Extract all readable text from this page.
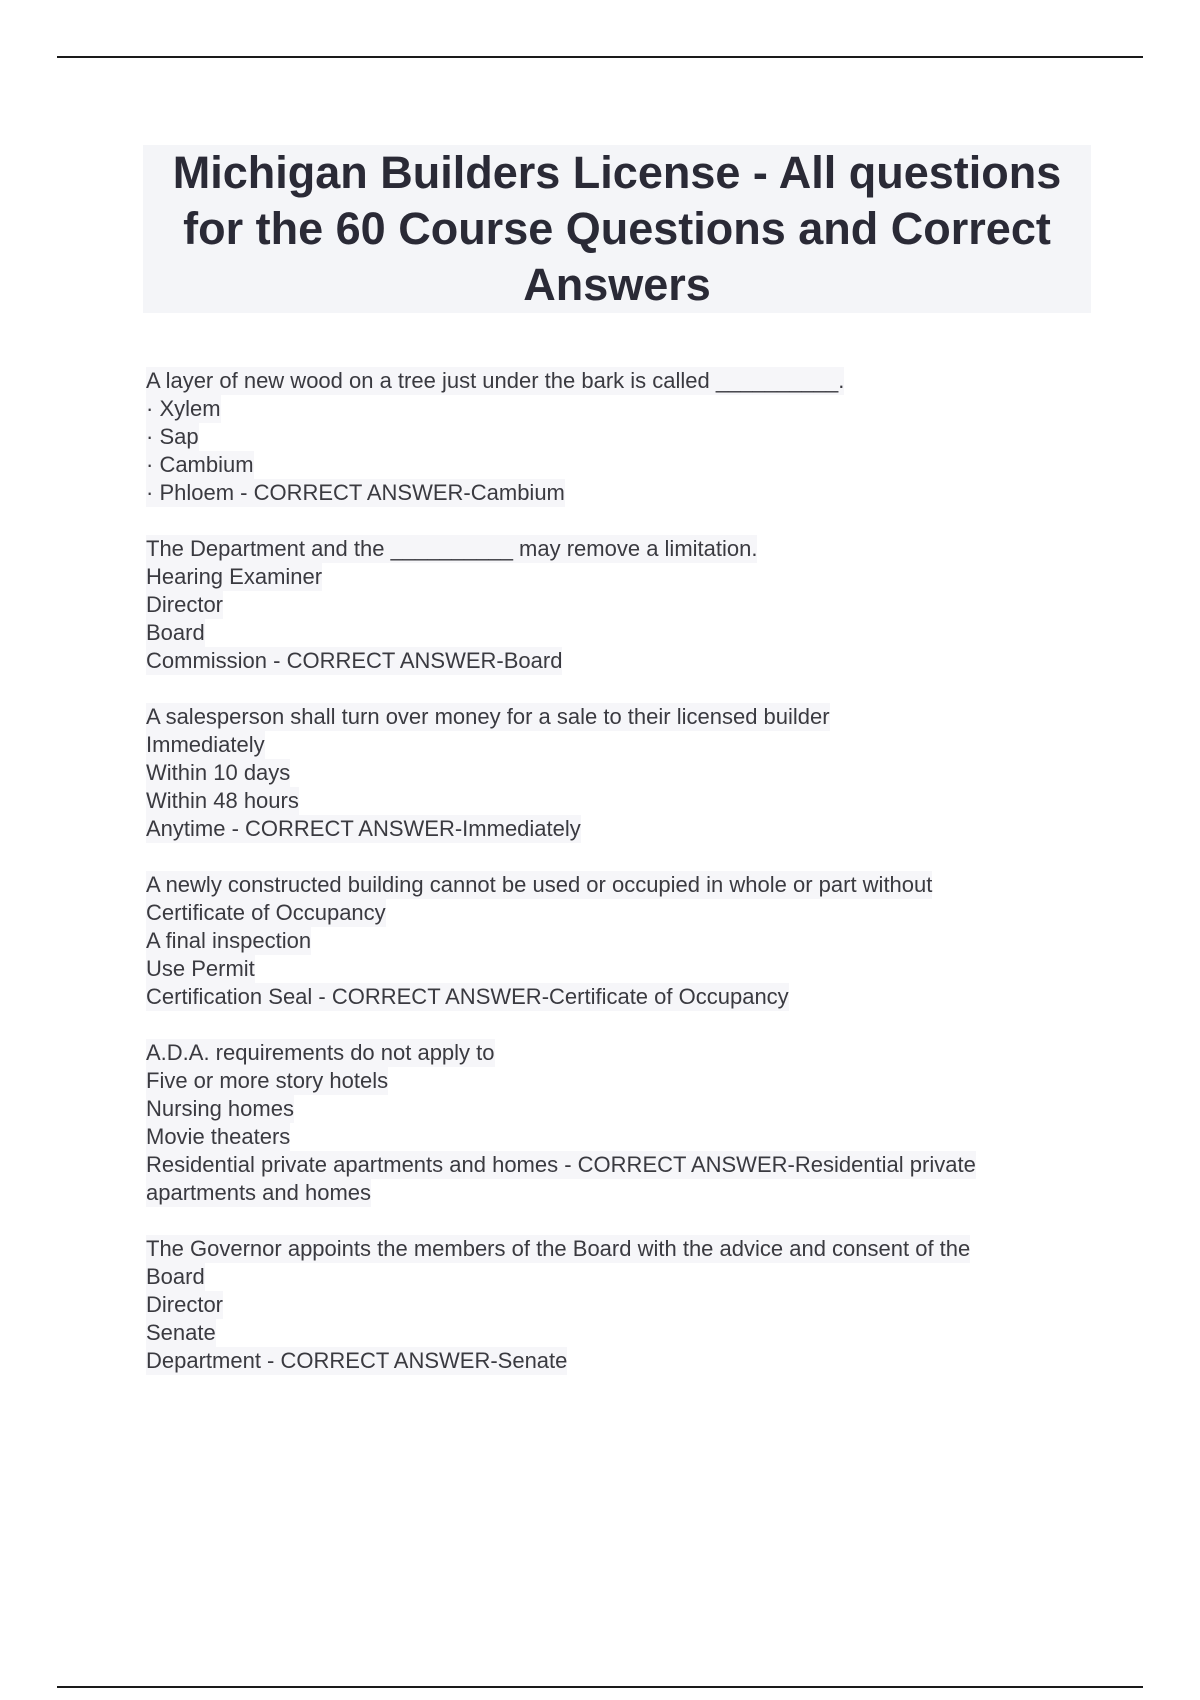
Michigan Builders License - All questions for the 60 Course Questions and Correct Answers
A layer of new wood on a tree just under the bark is called __________.
· Xylem
· Sap
· Cambium
· Phloem - CORRECT ANSWER-Cambium
The Department and the __________ may remove a limitation.
Hearing Examiner
Director
Board
Commission - CORRECT ANSWER-Board
A salesperson shall turn over money for a sale to their licensed builder
Immediately
Within 10 days
Within 48 hours
Anytime - CORRECT ANSWER-Immediately
A newly constructed building cannot be used or occupied in whole or part without
Certificate of Occupancy
A final inspection
Use Permit
Certification Seal - CORRECT ANSWER-Certificate of Occupancy
A.D.A. requirements do not apply to
Five or more story hotels
Nursing homes
Movie theaters
Residential private apartments and homes - CORRECT ANSWER-Residential private
apartments and homes
The Governor appoints the members of the Board with the advice and consent of the
Board
Director
Senate
Department - CORRECT ANSWER-Senate
